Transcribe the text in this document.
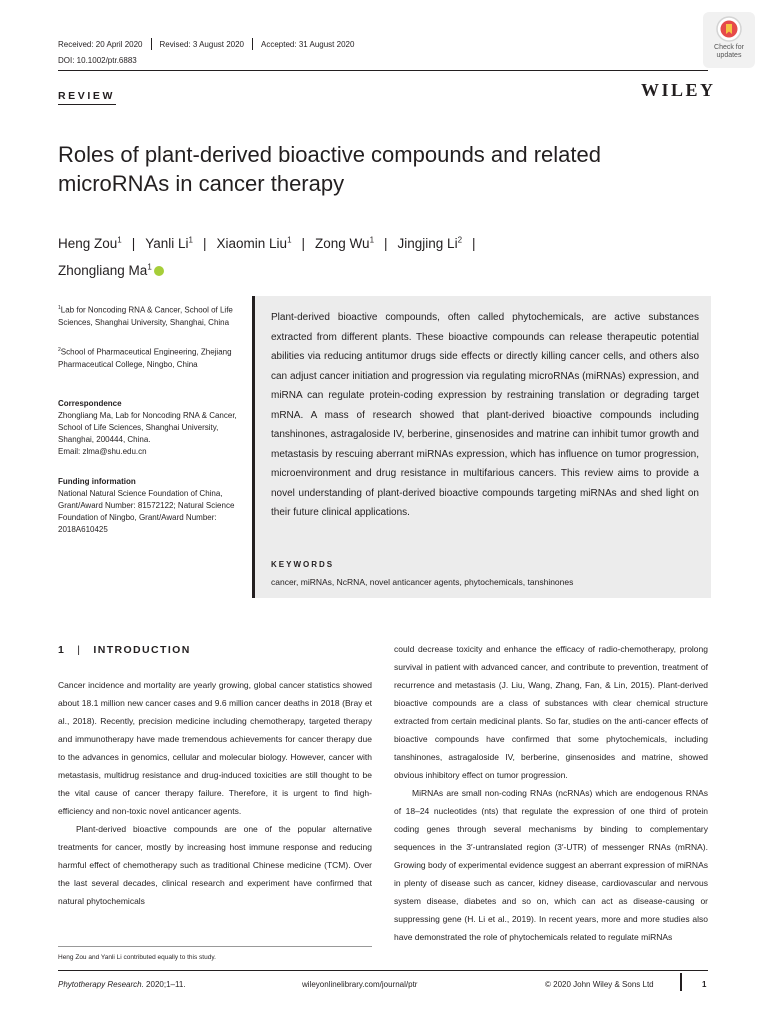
Received: 20 April 2020 Revised: 3 August 2020 Accepted: 31 August 2020
DOI: 10.1002/ptr.6883
Check for
updates
REVIEW	WILEY
Roles of plant-derived bioactive compounds and related
microRNAs in cancer therapy
Heng Zou$^1$ | Yanli Li$^1$ | Xiaomin Liu$^1$ | Zong Wu$^1$ | Jingjing Li$^2$ |
Zhongliang Ma$^1$iD
$^1$Lab for Noncoding RNA & Cancer, School of Life Sciences, Shanghai University, Shanghai, China
$^2$School of Pharmaceutical Engineering, Zhejiang Pharmaceutical College, Ningbo, China
Correspondence
Zhongliang Ma, Lab for Noncoding RNA & Cancer, School of Life Sciences, Shanghai University, Shanghai, 200444, China.
Email: zlma@shu.edu.cn
Funding information
National Natural Science Foundation of China, Grant/Award Number: 81572122; Natural Science Foundation of Ningbo, Grant/Award Number: 2018A610425
Plant-derived bioactive compounds, often called phytochemicals, are active substances extracted from different plants. These bioactive compounds can release therapeutic potential abilities via reducing antitumor drugs side effects or directly killing cancer cells, and others also can adjust cancer initiation and progression via regulating microRNAs (miRNAs) expression, and miRNA can regulate protein-coding expression by restraining translation or degrading target mRNA. A mass of research showed that plant-derived bioactive compounds including tanshinones, astragaloside IV, berberine, ginsenosides and matrine can inhibit tumor growth and metastasis by rescuing aberrant miRNAs expression, which has influence on tumor progression, microenvironment and drug resistance in multifarious cancers. This review aims to provide a novel understanding of plant-derived bioactive compounds targeting miRNAs and shed light on their future clinical applications.
KEYWORDS
cancer, miRNAs, NcRNA, novel anticancer agents, phytochemicals, tanshinones
1 | INTRODUCTION

Cancer incidence and mortality are yearly growing, global cancer statistics showed about 18.1 million new cancer cases and 9.6 million cancer deaths in 2018 (Bray et al., 2018). Recently, precision medicine including chemotherapy, targeted therapy and immunotherapy have made tremendous achievements for cancer therapy due to the advances in genomics, cellular and molecular biology. However, cancer with metastasis, multidrug resistance and drug-induced toxicities are still thought to be the vital cause of cancer therapy failure. Therefore, it is urgent to find high-efficiency and non-toxic novel anticancer agents.

Plant-derived bioactive compounds are one of the popular alternative treatments for cancer, mostly by increasing host immune response and reducing harmful effect of chemotherapy such as traditional Chinese medicine (TCM). Over the last several decades, clinical research and experiment have confirmed that natural phytochemicals

could decrease toxicity and enhance the efficacy of radio-chemotherapy, prolong survival in patient with advanced cancer, and contribute to prevention, treatment of recurrence and metastasis (J. Liu, Wang, Zhang, Fan, & Lin, 2015). Plant-derived bioactive compounds are a class of substances with clear chemical structure extracted from certain medicinal plants. So far, studies on the anti-cancer effects of bioactive compounds have confirmed that some phytochemicals, including tanshinones, astragaloside IV, berberine, ginsenosides and matrine, showed obvious inhibitory effect on tumor progression.

MiRNAs are small non-coding RNAs (ncRNAs) which are endogenous RNAs of 18–24 nucleotides (nts) that regulate the expression of one third of protein coding genes through several mechanisms by binding to complementary sequences in the 3′-untranslated region (3′-UTR) of messenger RNAs (mRNA). Growing body of experimental evidence suggest an aberrant expression of miRNAs in plenty of disease such as cancer, kidney disease, cardiovascular and nervous system disease, diabetes and so on, which can act as disease-causing or suppressing gene (H. Li et al., 2019). In recent years, more and more studies also have demonstrated the role of phytochemicals related to regulate miRNAs

Heng Zou and Yanli Li contributed equally to this study.
Phytotherapy Research. 2020;1–11.	wileyonlinelibrary.com/journal/ptr	© 2020 John Wiley & Sons Ltd	1
